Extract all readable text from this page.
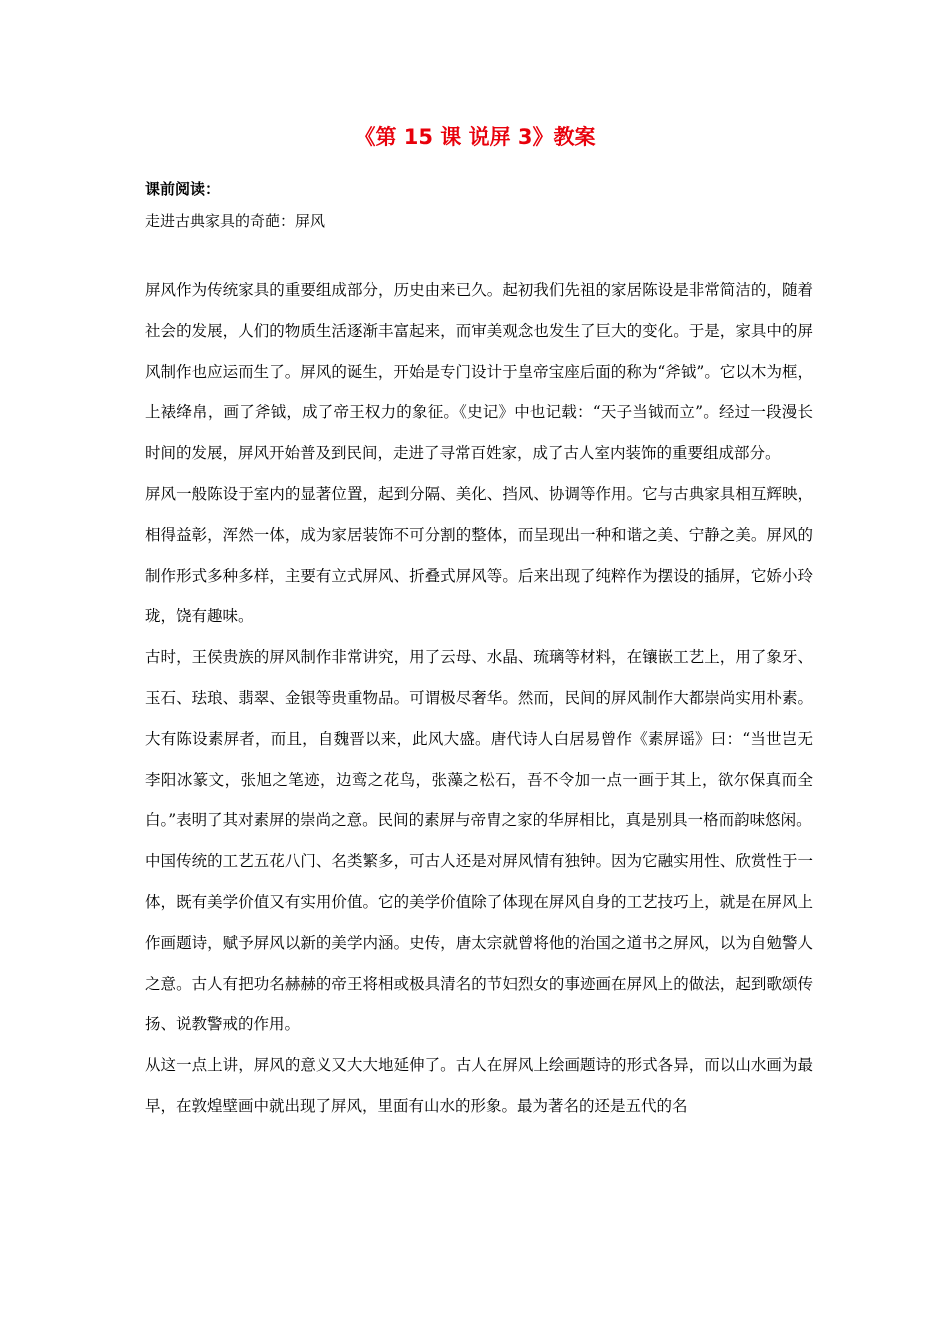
《第 15 课 说屏 3》教案
课前阅读：
走进古典家具的奇葩：屏风

屏风作为传统家具的重要组成部分，历史由来已久。起初我们先祖的家居陈设是非常简洁的，随着社会的发展，人们的物质生活逐渐丰富起来，而审美观念也发生了巨大的变化。于是，家具中的屏风制作也应运而生了。屏风的诞生，开始是专门设计于皇帝宝座后面的称为“斧钺”。它以木为框，上裱绛帛，画了斧钺，成了帝王权力的象征。《史记》中也记载：“天子当钺而立”。经过一段漫长时间的发展，屏风开始普及到民间，走进了寻常百姓家，成了古人室内装饰的重要组成部分。

屏风一般陈设于室内的显著位置，起到分隔、美化、挡风、协调等作用。它与古典家具相互辉映，相得益彰，浑然一体，成为家居装饰不可分割的整体，而呈现出一种和谐之美、宁静之美。屏风的制作形式多种多样，主要有立式屏风、折叠式屏风等。后来出现了纯粹作为摆设的插屏，它娇小玲珑，饶有趣味。

古时，王侯贵族的屏风制作非常讲究，用了云母、水晶、琉璃等材料，在镶嵌工艺上，用了象牙、玉石、珐琅、翡翠、金银等贵重物品。可谓极尽奢华。然而，民间的屏风制作大都崇尚实用朴素。大有陈设素屏者，而且，自魏晋以来，此风大盛。唐代诗人白居易曾作《素屏谣》曰：“当世岂无李阳冰篆文，张旭之笔迹，边鸾之花鸟，张藻之松石，吾不令加一点一画于其上，欲尔保真而全白。”表明了其对素屏的崇尚之意。民间的素屏与帝胄之家的华屏相比，真是别具一格而韵味悠闲。

中国传统的工艺五花八门、名类繁多，可古人还是对屏风情有独钟。因为它融实用性、欣赏性于一体，既有美学价值又有实用价值。它的美学价值除了体现在屏风自身的工艺技巧上，就是在屏风上作画题诗，赋予屏风以新的美学内涵。史传，唐太宗就曾将他的治国之道书之屏风，以为自勉警人之意。古人有把功名赫赫的帝王将相或极具清名的节妇烈女的事迹画在屏风上的做法，起到歌颂传扬、说教警戒的作用。

从这一点上讲，屏风的意义又大大地延伸了。古人在屏风上绘画题诗的形式各异，而以山水画为最早，在敦煌壁画中就出现了屏风，里面有山水的形象。最为著名的还是五代的名
